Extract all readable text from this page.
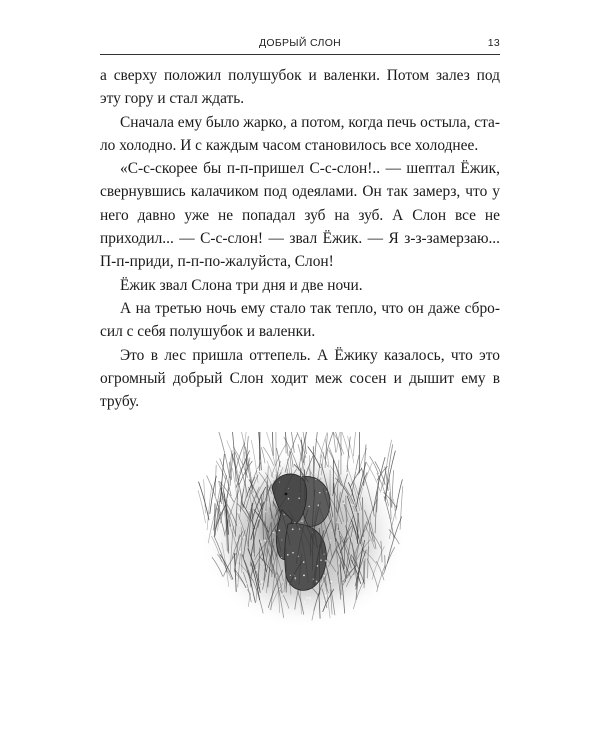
ДОБРЫЙ СЛОН	13

а сверху положил полушубок и валенки. Потом залез под эту гору и стал ждать.

Сначала ему было жарко, а потом, когда печь остыла, стало холодно. И с каждым часом становилось все холоднее.

«С-с-скорее бы п-п-пришел С-с-слон!.. — шептал Ёжик, свернувшись калачиком под одеялами. Он так замерз, что у него давно уже не попадал зуб на зуб. А Слон все не приходил... — С-с-слон! — звал Ёжик. — Я з-з-замерзаю... П-п-приди, п-п-по-жалуйста, Слон!

Ёжик звал Слона три дня и две ночи.

А на третью ночь ему стало так тепло, что он даже сбросил с себя полушубок и валенки.

Это в лес пришла оттепель. А Ёжику казалось, что это огромный добрый Слон ходит меж сосен и дышит ему в трубу.
